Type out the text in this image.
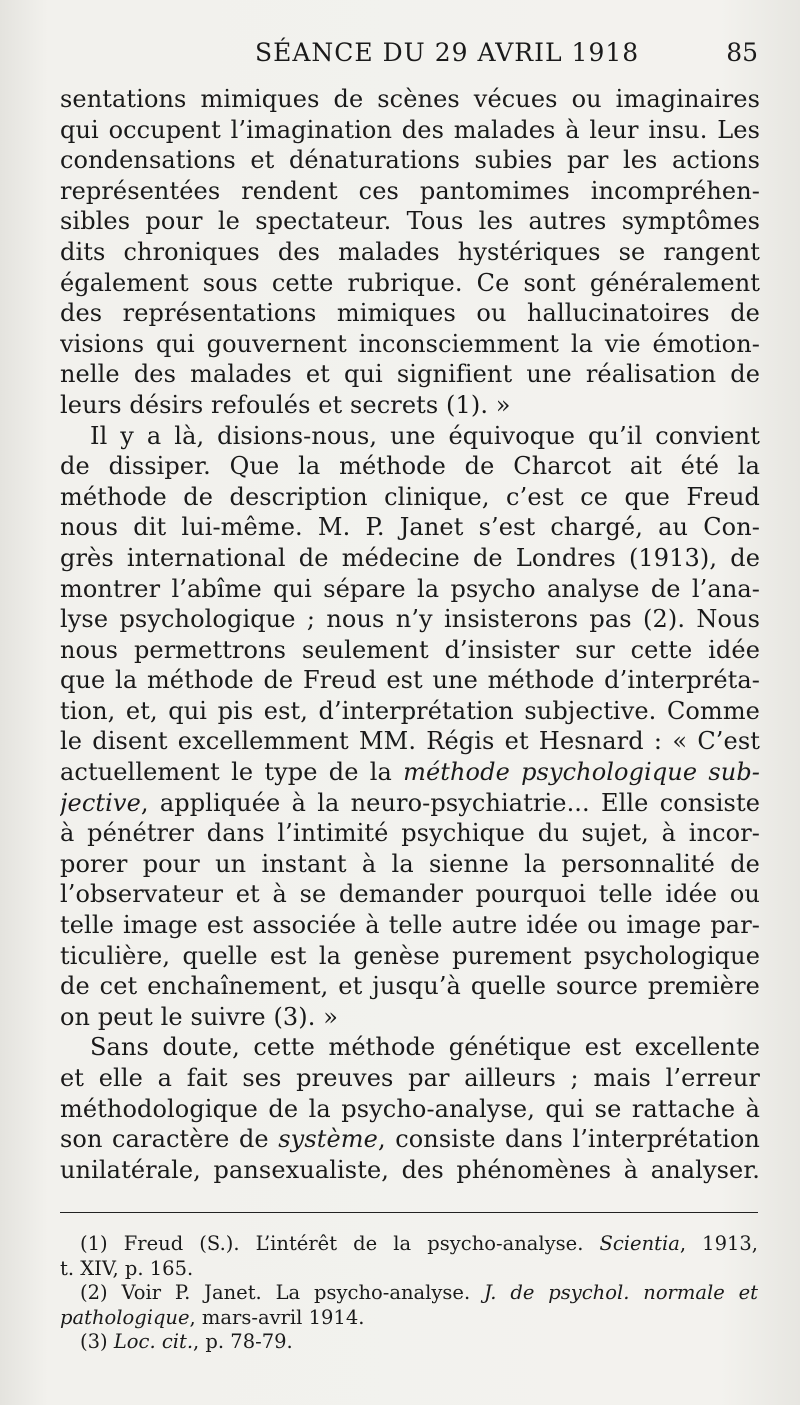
SÉANCE DU 29 AVRIL 1918	85
sentations mimiques de scènes vécues ou imaginaires
qui occupent l’imagination des malades à leur insu. Les
condensations et dénaturations subies par les actions
représentées rendent ces pantomimes incompréhen-
sibles pour le spectateur. Tous les autres symptômes
dits chroniques des malades hystériques se rangent
également sous cette rubrique. Ce sont généralement
des représentations mimiques ou hallucinatoires de
visions qui gouvernent inconsciemment la vie émotion-
nelle des malades et qui signifient une réalisation de
leurs désirs refoulés et secrets (1). »
Il y a là, disions-nous, une équivoque qu’il convient
de dissiper. Que la méthode de Charcot ait été la
méthode de description clinique, c’est ce que Freud
nous dit lui-même. M. P. Janet s’est chargé, au Con-
grès international de médecine de Londres (1913), de
montrer l’abîme qui sépare la psycho analyse de l’ana-
lyse psychologique ; nous n’y insisterons pas (2). Nous
nous permettrons seulement d’insister sur cette idée
que la méthode de Freud est une méthode d’interpréta-
tion, et, qui pis est, d’interprétation subjective. Comme
le disent excellemment MM. Régis et Hesnard : « C’est
actuellement le type de la méthode psychologique sub-
jective, appliquée à la neuro-psychiatrie... Elle consiste
à pénétrer dans l’intimité psychique du sujet, à incor-
porer pour un instant à la sienne la personnalité de
l’observateur et à se demander pourquoi telle idée ou
telle image est associée à telle autre idée ou image par-
ticulière, quelle est la genèse purement psychologique
de cet enchaînement, et jusqu’à quelle source première
on peut le suivre (3). »
Sans doute, cette méthode génétique est excellente
et elle a fait ses preuves par ailleurs ; mais l’erreur
méthodologique de la psycho-analyse, qui se rattache à
son caractère de système, consiste dans l’interprétation
unilatérale, pansexualiste, des phénomènes à analyser.
(1) Freud (S.). L’intérêt de la psycho-analyse. Scientia, 1913,
t. XIV, p. 165.
(2) Voir P. Janet. La psycho-analyse. J. de psychol. normale et
pathologique, mars-avril 1914.
(3) Loc. cit., p. 78-79.
